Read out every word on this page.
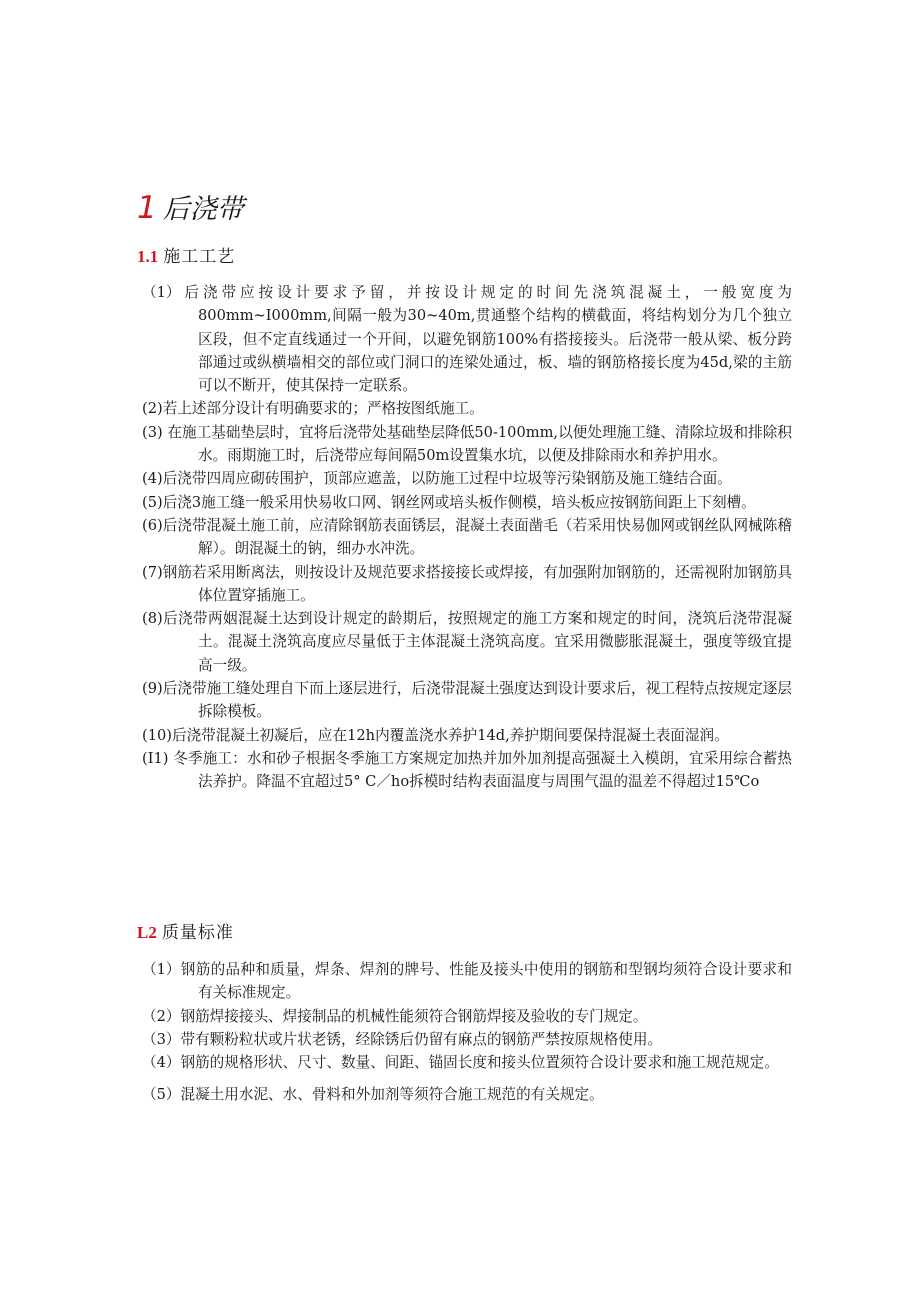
1 后浇带
1.1 施工工艺
（1）后浇带应按设计要求予留，并按设计规定的时间先浇筑混凝土，一般宽度为800mm~I000mm,间隔一般为30~40m,贯通整个结构的横截面，将结构划分为几个独立区段，但不定直线通过一个开间，以避免钢筋100%有搭接接头。后浇带一般从梁、板分跨部通过或纵横墙相交的部位或门洞口的连梁处通过，板、墙的钢筋格接长度为45d,梁的主筋可以不断开，使其保持一定联系。
(2)若上述部分设计有明确要求的；严格按图纸施工。
(3) 在施工基础垫层时，宜将后浇带处基础垫层降低50-100mm,以便处理施工缝、清除垃圾和排除积水。雨期施工时，后浇带应每间隔50m设置集水坑，以便及排除雨水和养护用水。
(4)后浇带四周应砌砖围护，顶部应遮盖，以防施工过程中垃圾等污染钢筋及施工缝结合面。
(5)后浇3施工缝一般采用快易收口网、钢丝网或培头板作侧模，培头板应按钢筋间距上下刻槽。
(6)后浇带混凝土施工前，应清除钢筋表面锈层，混凝土表面凿毛（若采用快易伽网或钢丝队网械陈稽解）。朗混凝土的钠，细办水冲洗。
(7)钢筋若采用断离法，则按设计及规范要求搭接接长或焊接，有加强附加钢筋的，还需视附加钢筋具体位置穿插施工。
(8)后浇带两姻混凝土达到设计规定的龄期后，按照规定的施工方案和规定的时间，浇筑后浇带混凝土。混凝土浇筑高度应尽量低于主体混凝土浇筑高度。宜采用微膨胀混凝土，强度等级宜提高一级。
(9)后浇带施工缝处理自下而上逐层进行，后浇带混凝土强度达到设计要求后，视工程特点按规定逐层拆除模板。
(10)后浇带混凝土初凝后，应在12h内覆盖浇水养护14d,养护期间要保持混凝土表面湿润。
(I1) 冬季施工：水和砂子根据冬季施工方案规定加热并加外加剂提高强凝土入模朗，宜采用综合蓄热法养护。降温不宜超过5° C／ho拆模时结构表面温度与周围气温的温差不得超过15℃o
L2 质量标准
（1）钢筋的品种和质量，焊条、焊剂的牌号、性能及接头中使用的钢筋和型钢均须符合设计要求和有关标准规定。
（2）钢筋焊接接头、焊接制品的机械性能须符合钢筋焊接及验收的专门规定。
（3）带有颗粉粒状或片状老锈，经除锈后仍留有麻点的钢筋严禁按原规格使用。
（4）钢筋的规格形状、尺寸、数量、间距、锚固长度和接头位置须符合设计要求和施工规范规定。
（5）混凝土用水泥、水、骨料和外加剂等须符合施工规范的有关规定。
